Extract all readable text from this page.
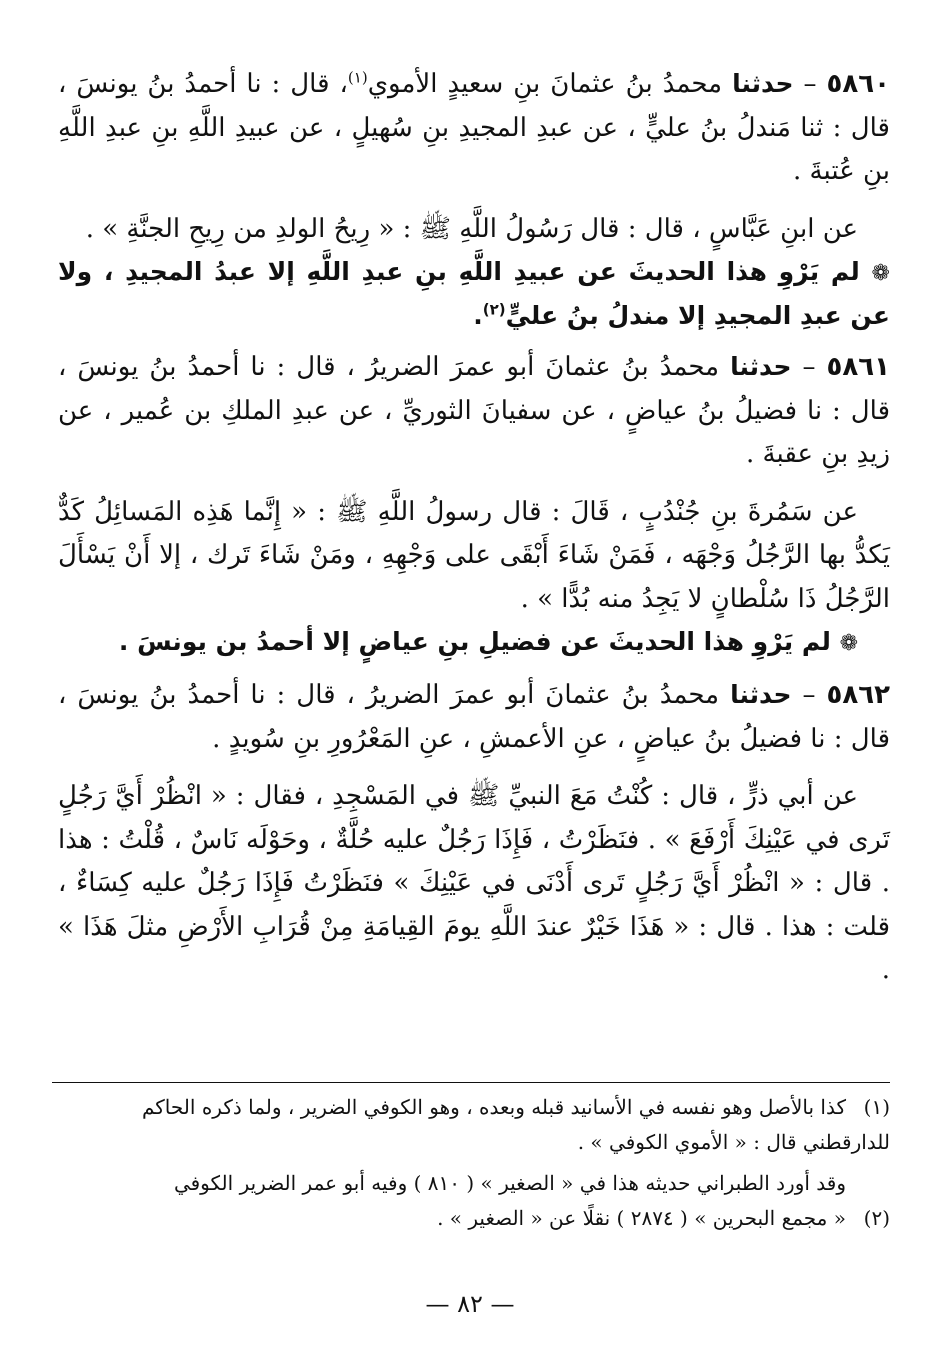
٥٨٦٠ – حدثنا محمدُ بنُ عثمانَ بنِ سعيدٍ الأموي$^{(١)}$، قال : نا أحمدُ بنُ يونسَ ، قال : ثنا مَندلُ بنُ عليٍّ ، عن عبدِ المجيدِ بنِ سُهيلٍ ، عن عبيدِ اللَّهِ بنِ عبدِ اللَّهِ بنِ عُتبةَ .

عن ابنِ عَبَّاسٍ ، قال : قال رَسُولُ اللَّهِ ﷺ : « رِيحُ الولدِ من رِيحِ الجنَّةِ » .

❁ لم يَرْوِ هذا الحديثَ عن عبيدِ اللَّهِ بنِ عبدِ اللَّهِ إلا عبدُ المجيدِ ، ولا عن عبدِ المجيدِ إلا مندلُ بنُ عليٍّ$^{(٢)}$.

٥٨٦١ – حدثنا محمدُ بنُ عثمانَ أبو عمرَ الضريرُ ، قال : نا أحمدُ بنُ يونسَ ، قال : نا فضيلُ بنُ عياضٍ ، عن سفيانَ الثوريِّ ، عن عبدِ الملكِ بن عُمير ، عن زيدِ بنِ عقبةَ .

عن سَمُرةَ بنِ جُنْدُبٍ ، قَالَ : قال رسولُ اللَّهِ ﷺ : « إِنَّما هَذِه المَسائِلُ كَدٌّ يَكدُّ بها الرَّجُلُ وَجْهَه ، فَمَنْ شَاءَ أَبْقَى على وَجْهِهِ ، ومَنْ شَاءَ تَرك ، إلا أَنْ يَسْأَلَ الرَّجُلُ ذَا سُلْطانٍ لا يَجِدُ منه بُدًّا » .

❁ لم يَرْوِ هذا الحديثَ عن فضيلِ بنِ عياضٍ إلا أحمدُ بن يونسَ .

٥٨٦٢ – حدثنا محمدُ بنُ عثمانَ أبو عمرَ الضريرُ ، قال : نا أحمدُ بنُ يونسَ ، قال : نا فضيلُ بنُ عياضٍ ، عنِ الأعمشِ ، عنِ المَعْرُورِ بنِ سُويدٍ .

عن أبي ذرٍّ ، قال : كُنْتُ مَعَ النبيِّ ﷺ في المَسْجِدِ ، فقال : « انْظُرْ أَيَّ رَجُلٍ تَرى في عَيْنِكَ أَرْفَعَ » . فنَظَرْتُ ، فَإِذَا رَجُلٌ عليه حُلَّةٌ ، وحَوْلَه نَاسٌ ، قُلْتُ : هذا . قال : « انْظُرْ أَيَّ رَجُلٍ تَرى أَدْنَى في عَيْنِكَ » فنَظَرْتُ فَإِذَا رَجُلٌ عليه كِسَاءٌ ، قلت : هذا . قال : « هَذَا خَيْرٌ عندَ اللَّهِ يومَ القِيامَةِ مِنْ قُرَابِ الأَرْضِ مثلَ هَذَا » .

(١)كذا بالأصل وهو نفسه في الأسانيد قبله وبعده ، وهو الكوفي الضرير ، ولما ذكره الحاكم للدارقطني قال : « الأموي الكوفي » .

وقد أورد الطبراني حديثه هذا في « الصغير » ( ٨١٠ ) وفيه أبو عمر الضرير الكوفي

(٢)« مجمع البحرين » ( ٢٨٧٤ ) نقلًا عن « الصغير » .

— ٨٢ —
